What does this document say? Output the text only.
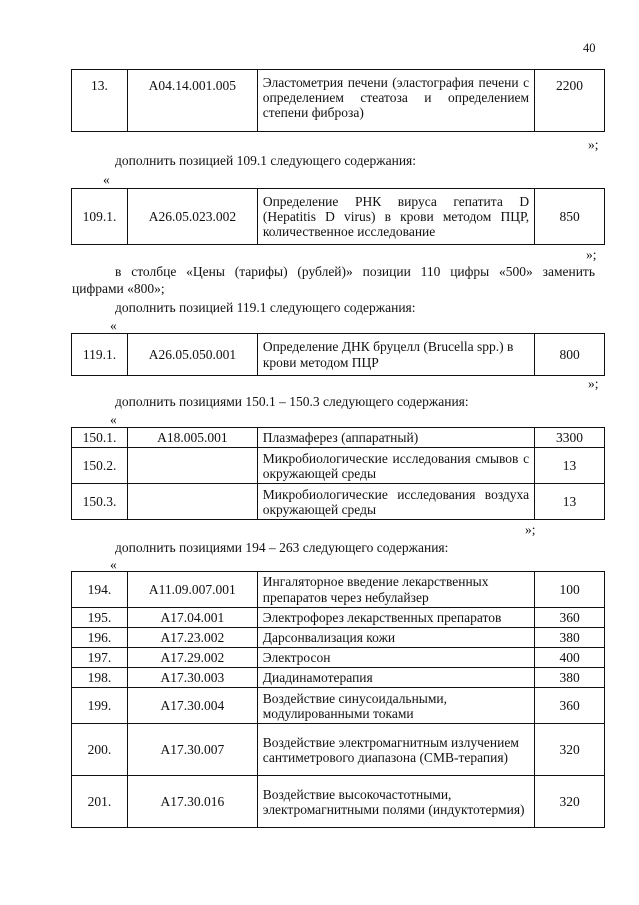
40
13.	А04.14.001.005	Эластометрия печени (эластография печени с определением стеатоза и определением степени фиброза)	2200
»;
дополнить позицией 109.1 следующего содержания:
«
109.1.	А26.05.023.002	Определение РНК вируса гепатита D (Hepatitis D virus) в крови методом ПЦР, количественное исследование	850
»;
в столбце «Цены (тарифы) (рублей)» позиции 110 цифры «500» заменить
цифрами «800»;
дополнить позицией 119.1 следующего содержания:
«
119.1.	А26.05.050.001	Определение ДНК бруцелл (Brucella spp.) в крови методом ПЦР	800
»;
дополнить позициями 150.1 – 150.3 следующего содержания:
«
150.1.	А18.005.001	Плазмаферез (аппаратный)	3300
150.2.		Микробиологические исследования смывов с окружающей среды	13
150.3.		Микробиологические исследования воздуха окружающей среды	13
»;
дополнить позициями 194 – 263 следующего содержания:
«
194.	А11.09.007.001	Ингаляторное введение лекарственных препаратов через небулайзер	100
195.	А17.04.001	Электрофорез лекарственных препаратов	360
196.	А17.23.002	Дарсонвализация кожи	380
197.	А17.29.002	Электросон	400
198.	А17.30.003	Диадинамотерапия	380
199.	А17.30.004	Воздействие синусоидальными, модулированными токами	360
200.	А17.30.007	Воздействие электромагнитным излучением сантиметрового диапазона (СМВ-терапия)	320
201.	А17.30.016	Воздействие высокочастотными, электромагнитными полями (индуктотермия)	320
